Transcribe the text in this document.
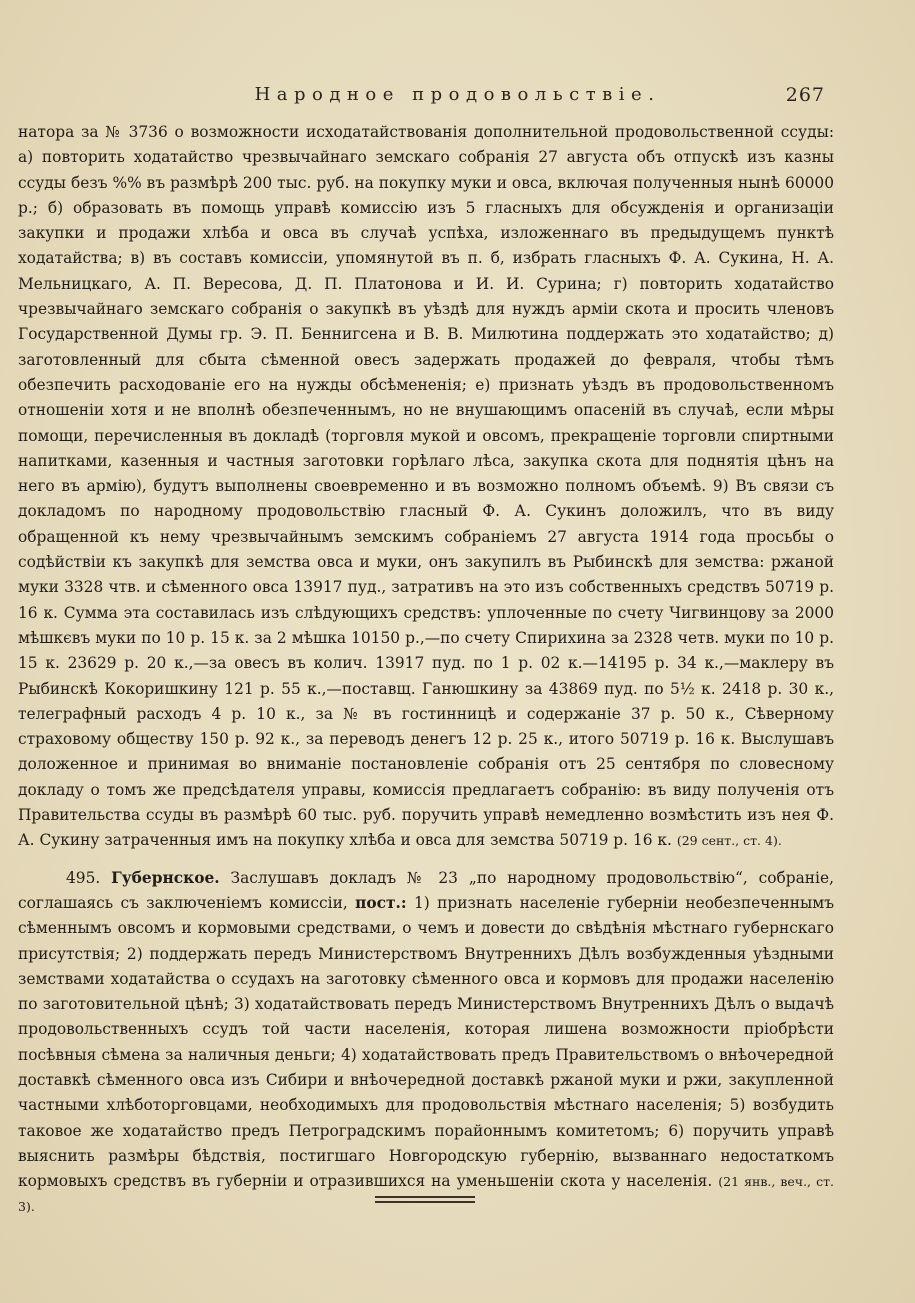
Народное продовольствіе.	267

натора за № 3736 о возможности исходатайствованія дополнительной продовольственной ссуды: а) повторить ходатайство чрезвычайнаго земскаго собранія 27 августа объ отпускѣ изъ казны ссуды безъ %% въ размѣрѣ 200 тыс. руб. на покупку муки и овса, включая полученныя нынѣ 60000 р.; б) образовать въ помощь управѣ комиссію изъ 5 гласныхъ для обсужденія и организаціи закупки и продажи хлѣба и овса въ случаѣ успѣха, изложеннаго въ предыдущемъ пунктѣ ходатайства; в) въ составъ комиссіи, упомянутой въ п. б, избрать гласныхъ Ф. А. Сукина, Н. А. Мельницкаго, А. П. Вересова, Д. П. Платонова и И. И. Сурина; г) повторить ходатайство чрезвычайнаго земскаго собранія о закупкѣ въ уѣздѣ для нуждъ арміи скота и просить членовъ Государственной Думы гр. Э. П. Беннигсена и В. В. Милютина поддержать это ходатайство; д) заготовленный для сбыта сѣменной овесъ задержать продажей до февраля, чтобы тѣмъ обезпечить расходованіе его на нужды обсѣмененія; е) признать уѣздъ въ продовольственномъ отношеніи хотя и не вполнѣ обезпеченнымъ, но не внушающимъ опасеній въ случаѣ, если мѣры помощи, перечисленныя въ докладѣ (торговля мукой и овсомъ, прекращеніе торговли спиртными напитками, казенныя и частныя заготовки горѣлаго лѣса, закупка скота для поднятія цѣнъ на него въ армію), будутъ выполнены своевременно и въ возможно полномъ объемѣ. 9) Въ связи съ докладомъ по народному продовольствію гласный Ф. А. Сукинъ доложилъ, что въ виду обращенной къ нему чрезвычайнымъ земскимъ собраніемъ 27 августа 1914 года просьбы о содѣйствіи къ закупкѣ для земства овса и муки, онъ закупилъ въ Рыбинскѣ для земства: ржаной муки 3328 чтв. и сѣменного овса 13917 пуд., затративъ на это изъ собственныхъ средствъ 50719 р. 16 к. Сумма эта составилась изъ слѣдующихъ средствъ: уплоченные по счету Чигвинцову за 2000 мѣшкєвъ муки по 10 р. 15 к. за 2 мѣшка 10150 р.,—по счету Спирихина за 2328 четв. муки по 10 р. 15 к. 23629 р. 20 к.,—за овесъ въ колич. 13917 пуд. по 1 р. 02 к.—14195 р. 34 к.,—маклеру въ Рыбинскѣ Кокоришкину 121 р. 55 к.,—поставщ. Ганюшкину за 43869 пуд. по 5½ к. 2418 р. 30 к., телеграфный расходъ 4 р. 10 к., за № въ гостинницѣ и содержаніе 37 р. 50 к., Сѣверному страховому обществу 150 р. 92 к., за переводъ денегъ 12 р. 25 к., итого 50719 р. 16 к. Выслушавъ доложенное и принимая во вниманіе постановленіе собранія отъ 25 сентября по словесному докладу о томъ же предсѣдателя управы, комиссія предлагаетъ собранію: въ виду полученія отъ Правительства ссуды въ размѣрѣ 60 тыс. руб. поручить управѣ немедленно возмѣстить изъ нея Ф. А. Сукину затраченныя имъ на покупку хлѣба и овса для земства 50719 р. 16 к. (29 сент., ст. 4).

495. Губернское. Заслушавъ докладъ № 23 „по народному продовольствію“, собраніе, соглашаясь съ заключеніемъ комиссіи, пост.: 1) признать населеніе губерніи необезпеченнымъ сѣменнымъ овсомъ и кормовыми средствами, о чемъ и довести до свѣдѣнія мѣстнаго губернскаго присутствія; 2) поддержать передъ Министерствомъ Внутреннихъ Дѣлъ возбужденныя уѣздными земствами ходатайства о ссудахъ на заготовку сѣменного овса и кормовъ для продажи населенію по заготовительной цѣнѣ; 3) ходатайствовать передъ Министерствомъ Внутреннихъ Дѣлъ о выдачѣ продовольственныхъ ссудъ той части населенія, которая лишена возможности пріобрѣсти посѣвныя сѣмена за наличныя деньги; 4) ходатайствовать предъ Правительствомъ о внѣочередной доставкѣ сѣменного овса изъ Сибири и внѣочередной доставкѣ ржаной муки и ржи, закупленной частными хлѣботорговцами, необходимыхъ для продовольствія мѣстнаго населенія; 5) возбудить таковое же ходатайство предъ Петроградскимъ порайоннымъ комитетомъ; 6) поручить управѣ выяснить размѣры бѣдствія, постигшаго Новгородскую губернію, вызваннаго недостаткомъ кормовыхъ средствъ въ губерніи и отразившихся на уменьшеніи скота у населенія. (21 янв., веч., ст. 3).
